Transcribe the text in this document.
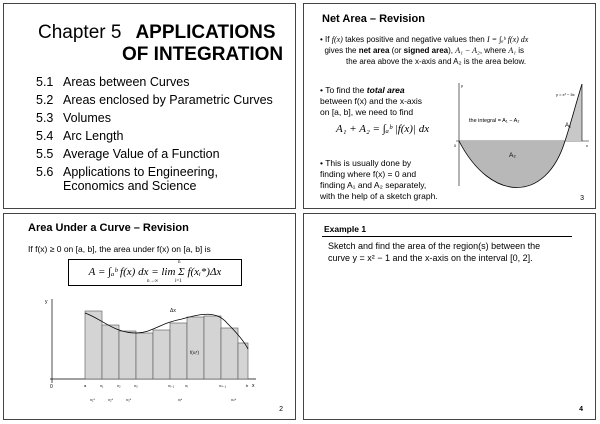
Chapter 5 APPLICATIONS
OF INTEGRATION
5.1 Areas between Curves
5.2 Areas enclosed by Parametric Curves
5.3 Volumes
5.4 Arc Length
5.5 Average Value of a Function
5.6 Applications to Engineering,
Economics and Science
Net Area – Revision
• If f(x) takes positive and negative values then I = ∫ₐᵇ f(x) dx
gives the net area (or signed area), A₁ − A₂, where A₁ is
the area above the x-axis and A₂ is the area below.
• To find the total area
between f(x) and the x-axis
on [a, b], we need to find

A₁ + A₂ = ∫ₐᵇ |f(x)| dx
• This is usually done by
finding where f(x) = 0 and
finding A₁ and A₂ separately,
with the help of a sketch graph.
y
x
0
y = x³ − 5x
the integral = A₁ − A₂
A₁
A₂
3
Area Under a Curve – Revision
If f(x) ≥ 0 on [a, b], the area under f(x) on [a, b] is
A = ∫ₐᵇ f(x) dx = lim Σ f(xᵢ*)Δx
n→∞
n
i=1
Δx
f(xᵢ*)
y
0	x
a	x₁	x₂	x₃	xᵢ₋₁	xᵢ	xₙ₋₁	b
x₁*	x₂*	x₃*	xᵢ*	xₙ*
2
Example 1
Sketch and find the area of the region(s) between the
curve y = x² − 1 and the x-axis on the interval [0, 2].
4
